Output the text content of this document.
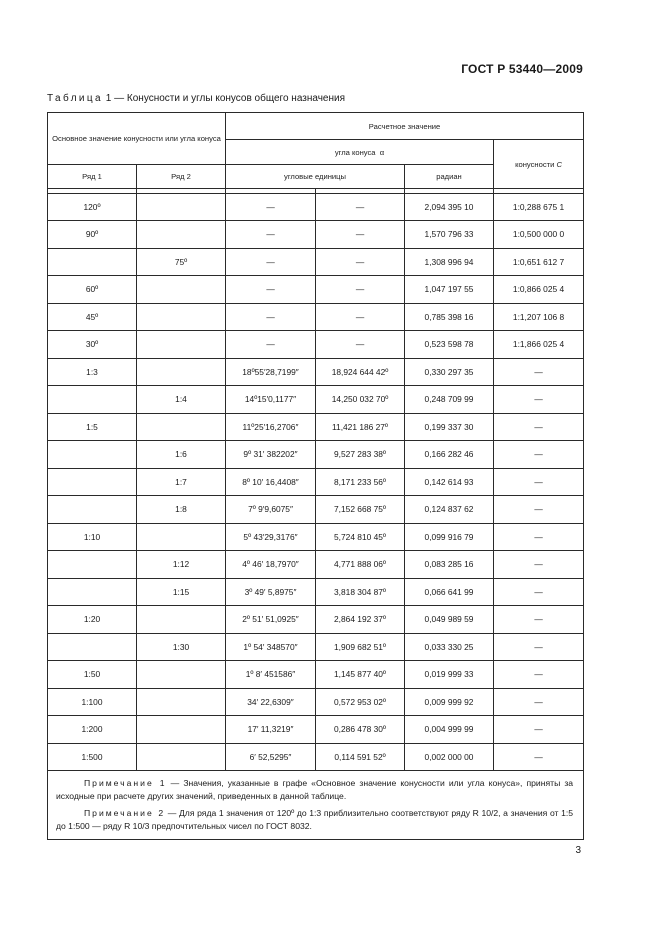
ГОСТ Р 53440—2009
Таблица 1 — Конусности и углы конусов общего назначения
Основное значение конусности или угла конуса		Расчетное значение			
		угла конуса α			конусности C
Ряд 1	Ряд 2	угловые единицы		радиан	

120º		—	—	2,094 395 10	1:0,288 675 1
90º		—	—	1,570 796 33	1:0,500 000 0
	75º	—	—	1,308 996 94	1:0,651 612 7
60º		—	—	1,047 197 55	1:0,866 025 4
45º		—	—	0,785 398 16	1:1,207 106 8
30º		—	—	0,523 598 78	1:1,866 025 4
1:3		18º55′28,7199″	18,924 644 42º	0,330 297 35	—
	1:4	14º15′0,1177″	14,250 032 70º	0,248 709 99	—
1:5		11º25′16,2706″	11,421 186 27º	0,199 337 30	—
	1:6	9º 31′ 382202″	9,527 283 38º	0,166 282 46	—
	1:7	8º 10′ 16,4408″	8,171 233 56º	0,142 614 93	—
	1:8	7º 9′9,6075″	7,152 668 75º	0,124 837 62	—
1:10		5º 43′29,3176″	5,724 810 45º	0,099 916 79	—
	1:12	4º 46′ 18,7970″	4,771 888 06º	0,083 285 16	—
	1:15	3º 49′ 5,8975″	3,818 304 87º	0,066 641 99	—
1:20		2º 51′ 51,0925″	2,864 192 37º	0,049 989 59	—
	1:30	1º 54′ 348570″	1,909 682 51º	0,033 330 25	—
1:50		1º 8′ 451586″	1,145 877 40º	0,019 999 33	—
1:100		34′ 22,6309″	0,572 953 02º	0,009 999 92	—
1:200		17′ 11,3219″	0,286 478 30º	0,004 999 99	—
1:500		6′ 52,5295″	0,114 591 52º	0,002 000 00	—

Примечание 1 — Значения, указанные в графе «Основное значение конусности или угла конуса», приняты за исходные при расчете других значений, приведенных в данной таблице.

Примечание 2 — Для ряда 1 значения от 120º до 1:3 приблизительно соответствуют ряду R 10/2, а значения от 1:5 до 1:500 — ряду R 10/3 предпочтительных чисел по ГОСТ 8032.					

3
